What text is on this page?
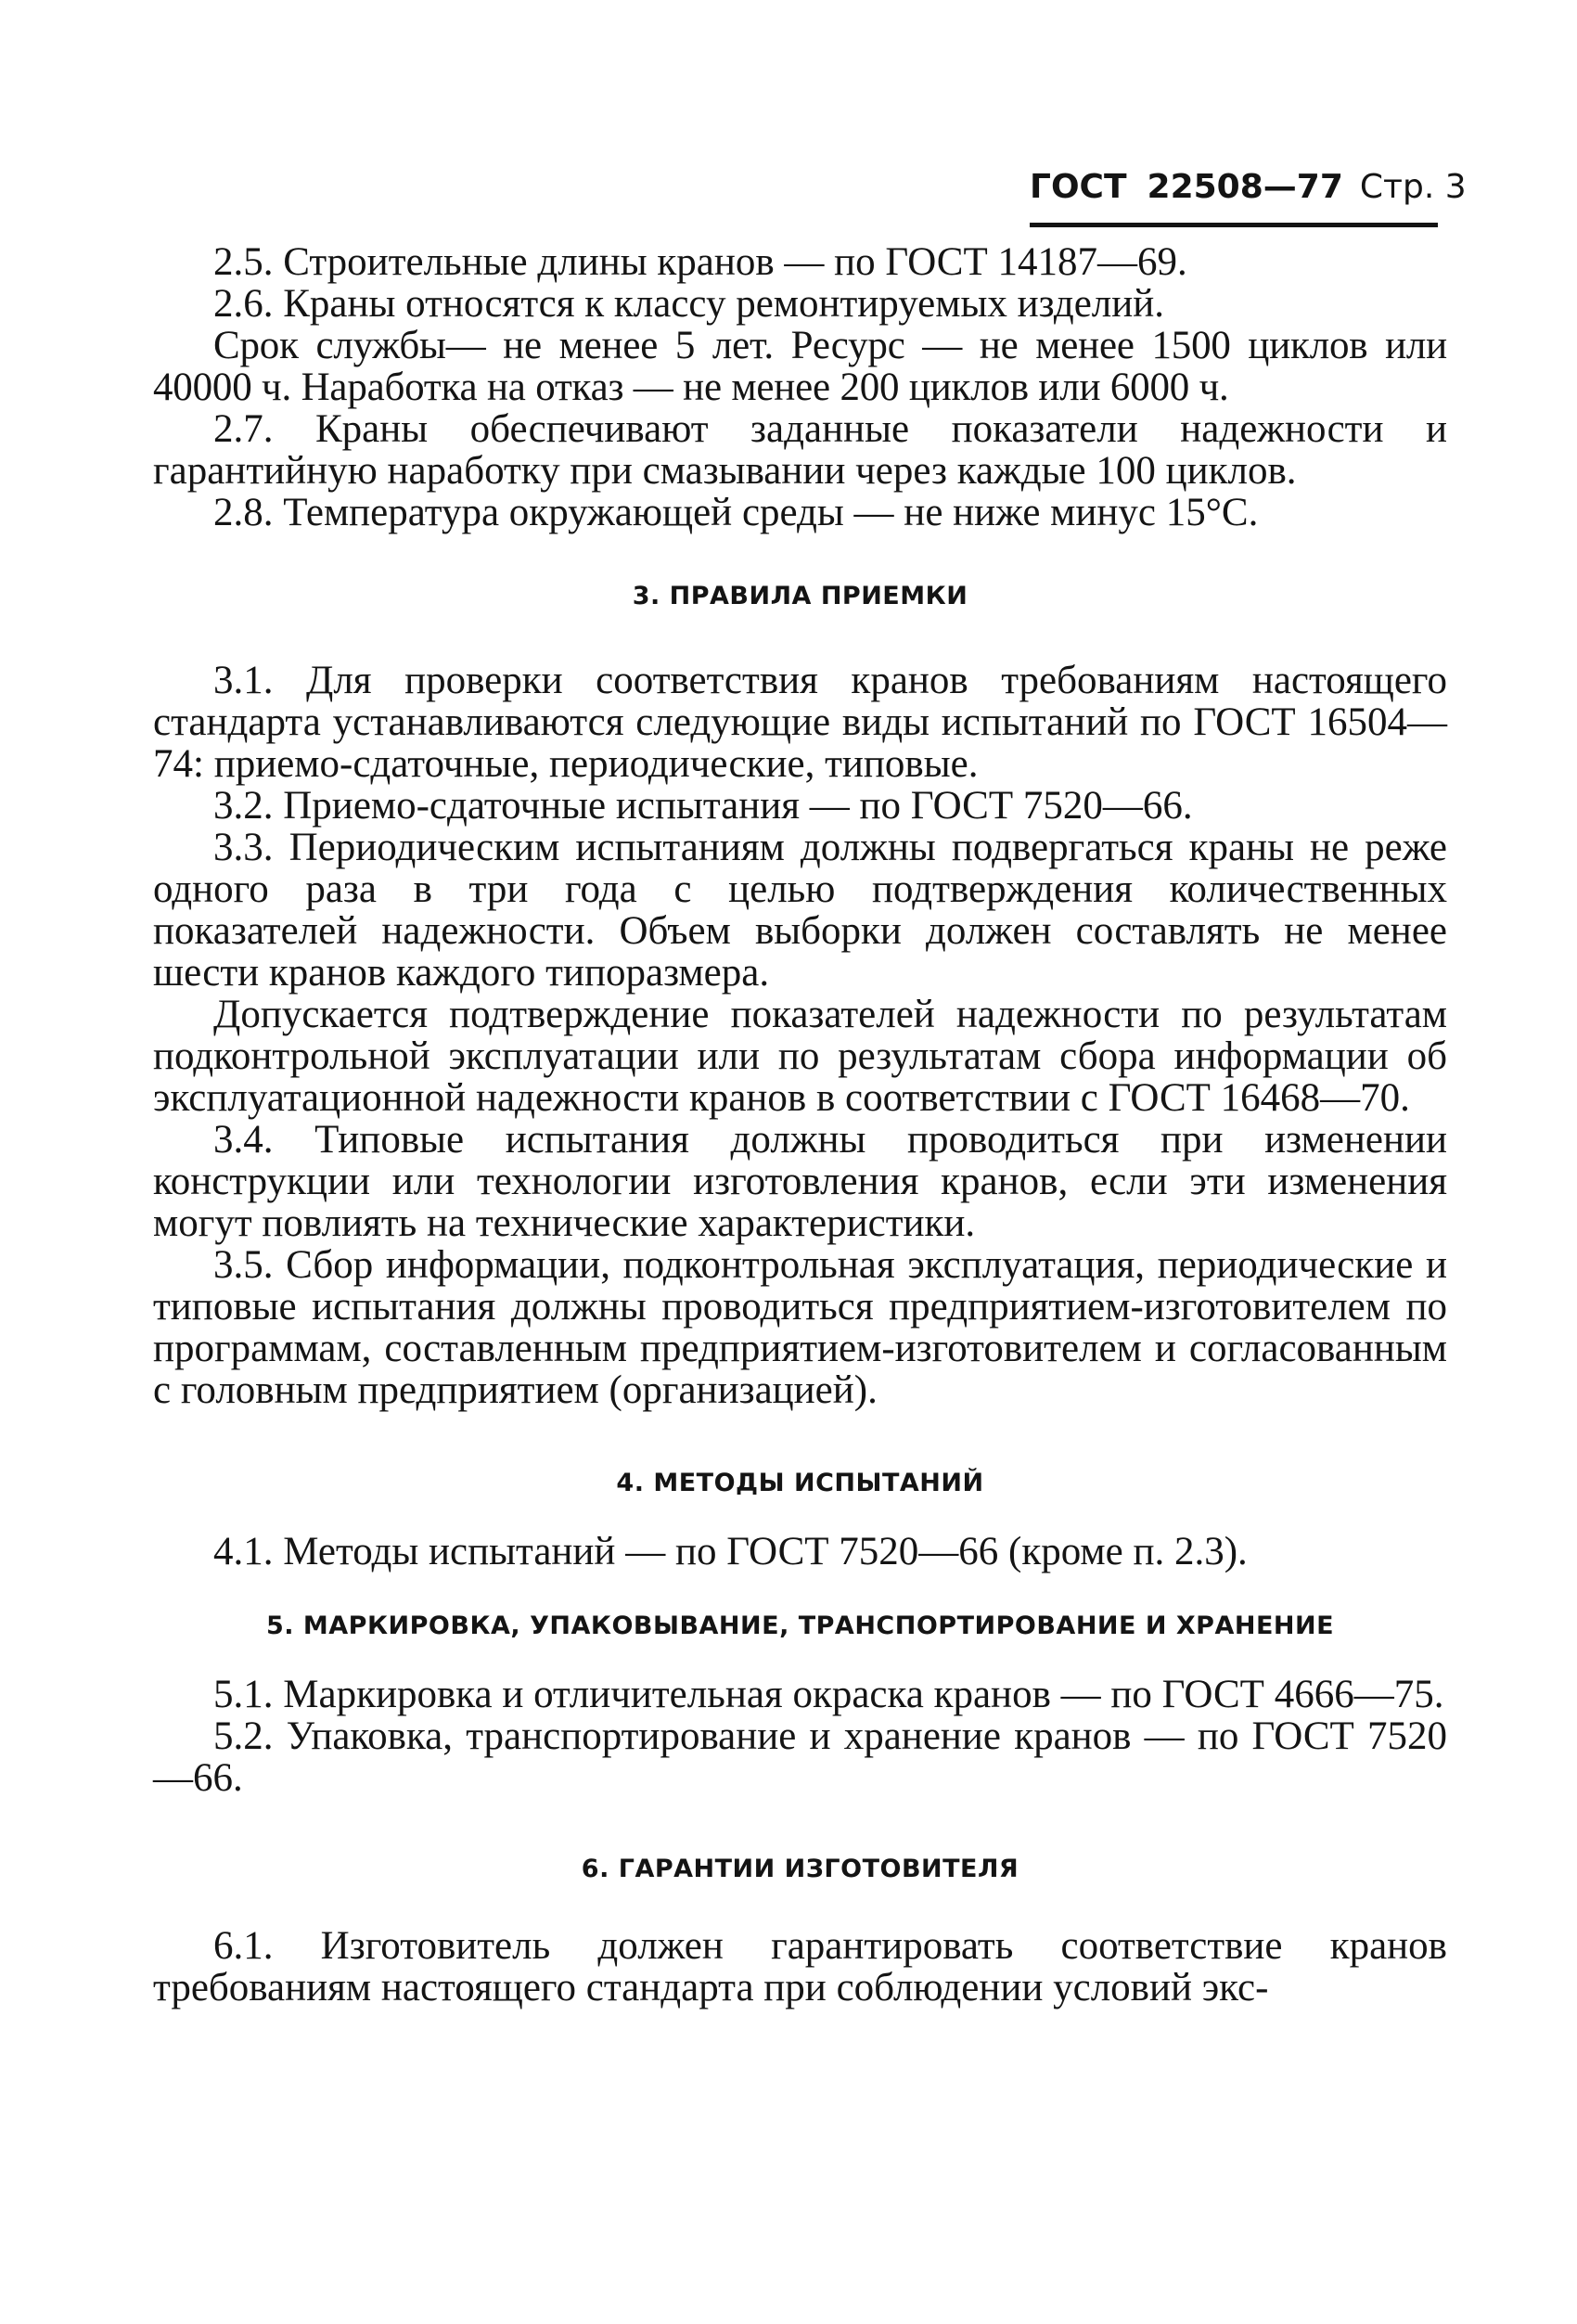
ГОСТ 22508—77 Стр. 3

2.5. Строительные длины кранов — по ГОСТ 14187—69.

2.6. Краны относятся к классу ремонтируемых изделий.

Срок службы— не менее 5 лет. Ресурс — не менее 1500 циклов или 40000 ч. Наработка на отказ — не менее 200 циклов или 6000 ч.

2.7. Краны обеспечивают заданные показатели надежности и гарантийную наработку при смазывании через каждые 100 циклов.

2.8. Температура окружающей среды — не ниже минус 15°С.

3. ПРАВИЛА ПРИЕМКИ

3.1. Для проверки соответствия кранов требованиям настоящего стандарта устанавливаются следующие виды испытаний по ГОСТ 16504—74: приемо-сдаточные, периодические, типовые.

3.2. Приемо-сдаточные испытания — по ГОСТ 7520—66.

3.3. Периодическим испытаниям должны подвергаться краны не реже одного раза в три года с целью подтверждения количественных показателей надежности. Объем выборки должен составлять не менее шести кранов каждого типоразмера.

Допускается подтверждение показателей надежности по результатам подконтрольной эксплуатации или по результатам сбора информации об эксплуатационной надежности кранов в соответствии с ГОСТ 16468—70.

3.4. Типовые испытания должны проводиться при изменении конструкции или технологии изготовления кранов, если эти изменения могут повлиять на технические характеристики.

3.5. Сбор информации, подконтрольная эксплуатация, периодические и типовые испытания должны проводиться предприятием-изготовителем по программам, составленным предприятием-изготовителем и согласованным с головным предприятием (организацией).

4. МЕТОДЫ ИСПЫТАНИЙ

4.1. Методы испытаний — по ГОСТ 7520—66 (кроме п. 2.3).

5. МАРКИРОВКА, УПАКОВЫВАНИЕ, ТРАНСПОРТИРОВАНИЕ И ХРАНЕНИЕ

5.1. Маркировка и отличительная окраска кранов — по ГОСТ 4666—75.

5.2. Упаковка, транспортирование и хранение кранов — по ГОСТ 7520—66.

6. ГАРАНТИИ ИЗГОТОВИТЕЛЯ

6.1. Изготовитель должен гарантировать соответствие кранов требованиям настоящего стандарта при соблюдении условий экс-
